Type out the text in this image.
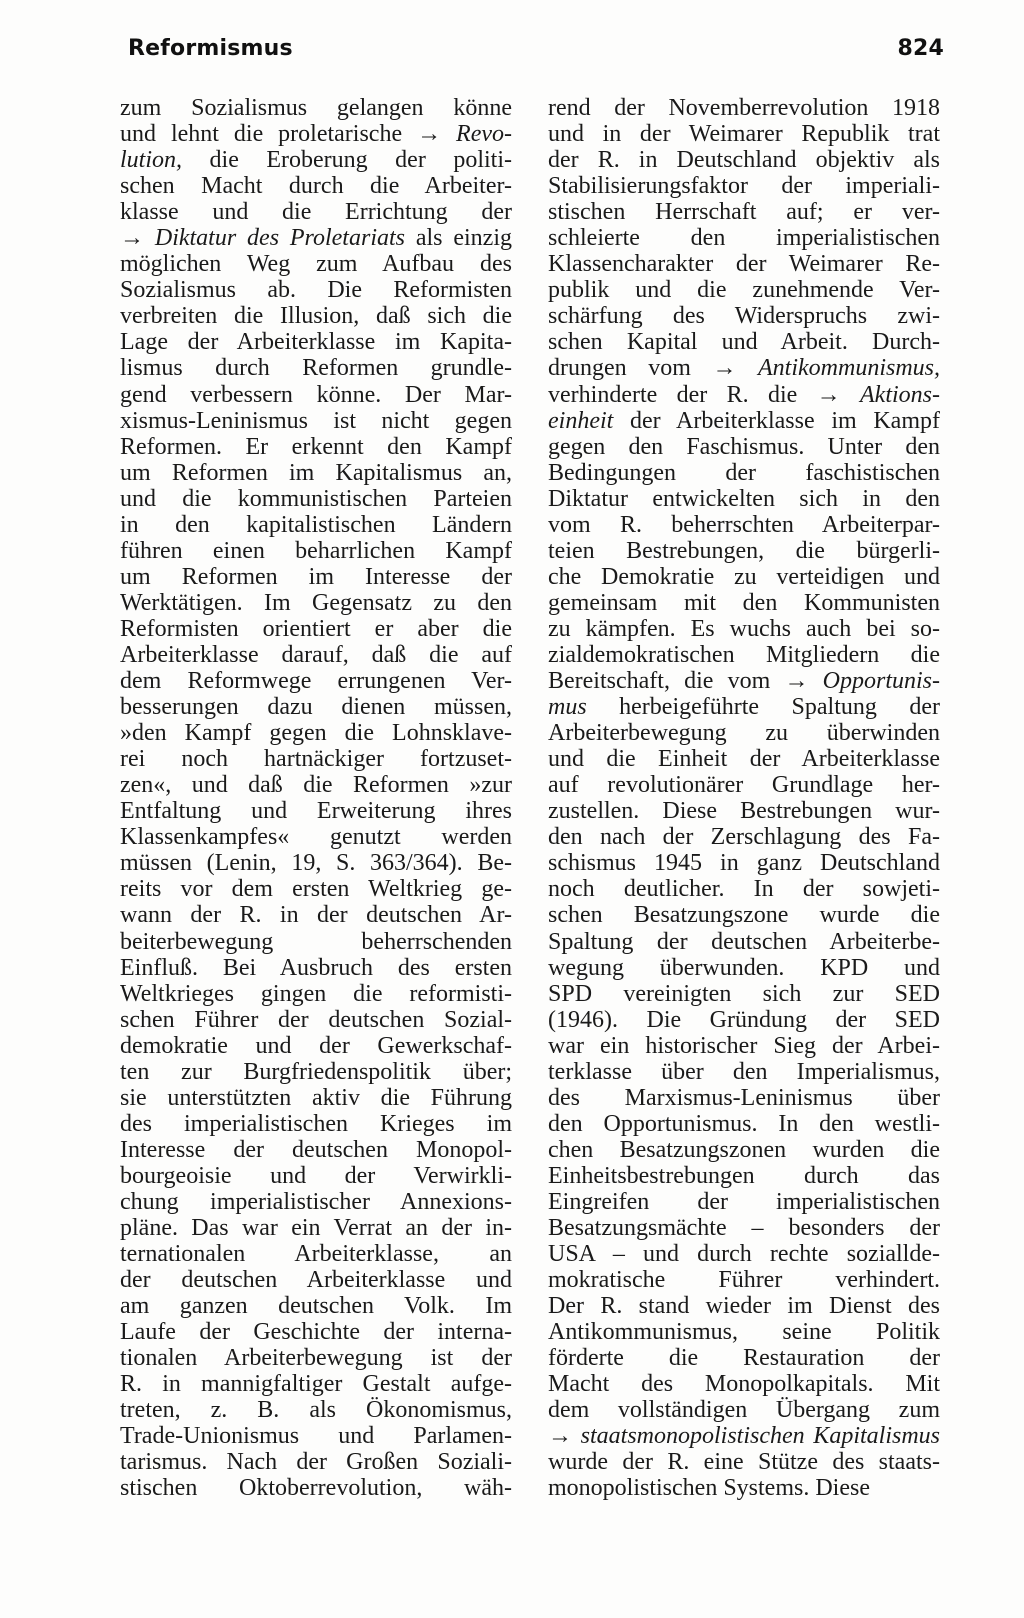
Reformismus	824
zum Sozialismus gelangen könne
und lehnt die proletarische → Revo-
lution, die Eroberung der politi-
schen Macht durch die Arbeiter-
klasse und die Errichtung der
→ Diktatur des Proletariats als einzig
möglichen Weg zum Aufbau des
Sozialismus ab. Die Reformisten
verbreiten die Illusion, daß sich die
Lage der Arbeiterklasse im Kapita-
lismus durch Reformen grundle-
gend verbessern könne. Der Mar-
xismus-Leninismus ist nicht gegen
Reformen. Er erkennt den Kampf
um Reformen im Kapitalismus an,
und die kommunistischen Parteien
in den kapitalistischen Ländern
führen einen beharrlichen Kampf
um Reformen im Interesse der
Werktätigen. Im Gegensatz zu den
Reformisten orientiert er aber die
Arbeiterklasse darauf, daß die auf
dem Reformwege errungenen Ver-
besserungen dazu dienen müssen,
»den Kampf gegen die Lohnsklave-
rei noch hartnäckiger fortzuset-
zen«, und daß die Reformen »zur
Entfaltung und Erweiterung ihres
Klassenkampfes« genutzt werden
müssen (Lenin, 19, S. 363/364). Be-
reits vor dem ersten Weltkrieg ge-
wann der R. in der deutschen Ar-
beiterbewegung beherrschenden
Einfluß. Bei Ausbruch des ersten
Weltkrieges gingen die reformisti-
schen Führer der deutschen Sozial-
demokratie und der Gewerkschaf-
ten zur Burgfriedenspolitik über;
sie unterstützten aktiv die Führung
des imperialistischen Krieges im
Interesse der deutschen Monopol-
bourgeoisie und der Verwirkli-
chung imperialistischer Annexions-
pläne. Das war ein Verrat an der in-
ternationalen Arbeiterklasse, an
der deutschen Arbeiterklasse und
am ganzen deutschen Volk. Im
Laufe der Geschichte der interna-
tionalen Arbeiterbewegung ist der
R. in mannigfaltiger Gestalt aufge-
treten, z. B. als Ökonomismus,
Trade-Unionismus und Parlamen-
tarismus. Nach der Großen Soziali-
stischen Oktoberrevolution, wäh-
rend der Novemberrevolution 1918
und in der Weimarer Republik trat
der R. in Deutschland objektiv als
Stabilisierungsfaktor der imperiali-
stischen Herrschaft auf; er ver-
schleierte den imperialistischen
Klassencharakter der Weimarer Re-
publik und die zunehmende Ver-
schärfung des Widerspruchs zwi-
schen Kapital und Arbeit. Durch-
drungen vom → Antikommunismus,
verhinderte der R. die → Aktions-
einheit der Arbeiterklasse im Kampf
gegen den Faschismus. Unter den
Bedingungen der faschistischen
Diktatur entwickelten sich in den
vom R. beherrschten Arbeiterpar-
teien Bestrebungen, die bürgerli-
che Demokratie zu verteidigen und
gemeinsam mit den Kommunisten
zu kämpfen. Es wuchs auch bei so-
zialdemokratischen Mitgliedern die
Bereitschaft, die vom → Opportunis-
mus herbeigeführte Spaltung der
Arbeiterbewegung zu überwinden
und die Einheit der Arbeiterklasse
auf revolutionärer Grundlage her-
zustellen. Diese Bestrebungen wur-
den nach der Zerschlagung des Fa-
schismus 1945 in ganz Deutschland
noch deutlicher. In der sowjeti-
schen Besatzungszone wurde die
Spaltung der deutschen Arbeiterbe-
wegung überwunden. KPD und
SPD vereinigten sich zur SED
(1946). Die Gründung der SED
war ein historischer Sieg der Arbei-
terklasse über den Imperialismus,
des Marxismus-Leninismus über
den Opportunismus. In den westli-
chen Besatzungszonen wurden die
Einheitsbestrebungen durch das
Eingreifen der imperialistischen
Besatzungsmächte – besonders der
USA – und durch rechte soziallde-
mokratische Führer verhindert.
Der R. stand wieder im Dienst des
Antikommunismus, seine Politik
förderte die Restauration der
Macht des Monopolkapitals. Mit
dem vollständigen Übergang zum
→ staatsmonopolistischen Kapitalismus
wurde der R. eine Stütze des staats-
monopolistischen Systems. Diese
